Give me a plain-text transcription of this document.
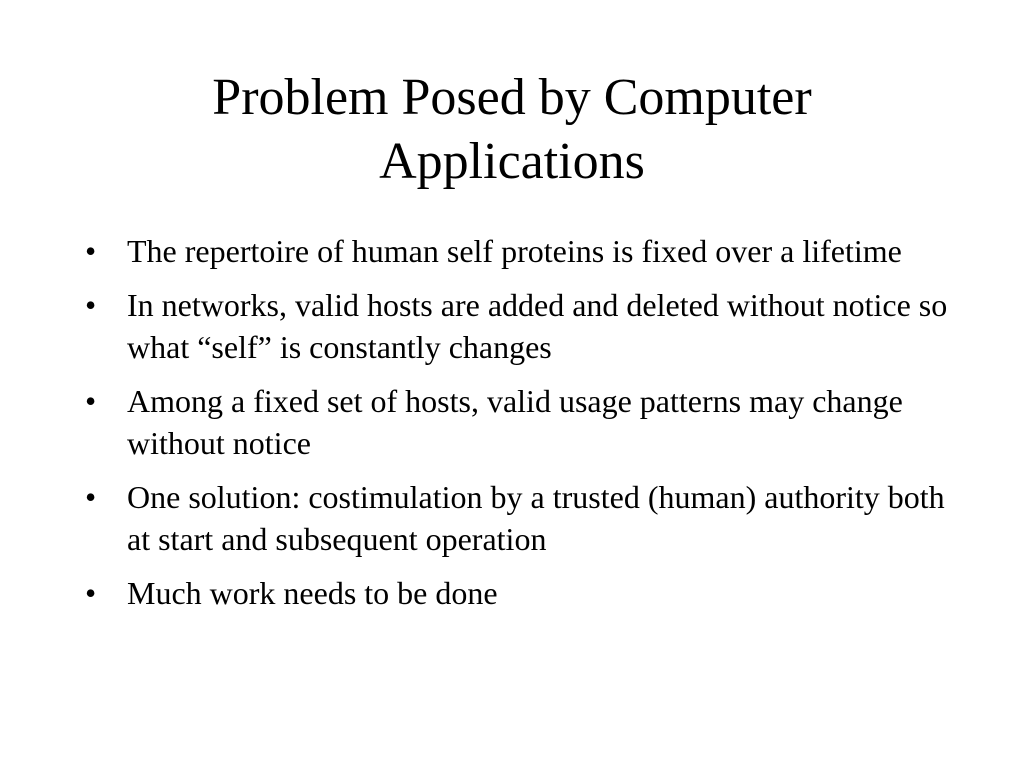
Problem Posed by Computer Applications
• The repertoire of human self proteins is fixed over a lifetime
• In networks, valid hosts are added and deleted without notice so what “self” is constantly changes
• Among a fixed set of hosts, valid usage patterns may change without notice
• One solution: costimulation by a trusted (human) authority both at start and subsequent operation
• Much work needs to be done
